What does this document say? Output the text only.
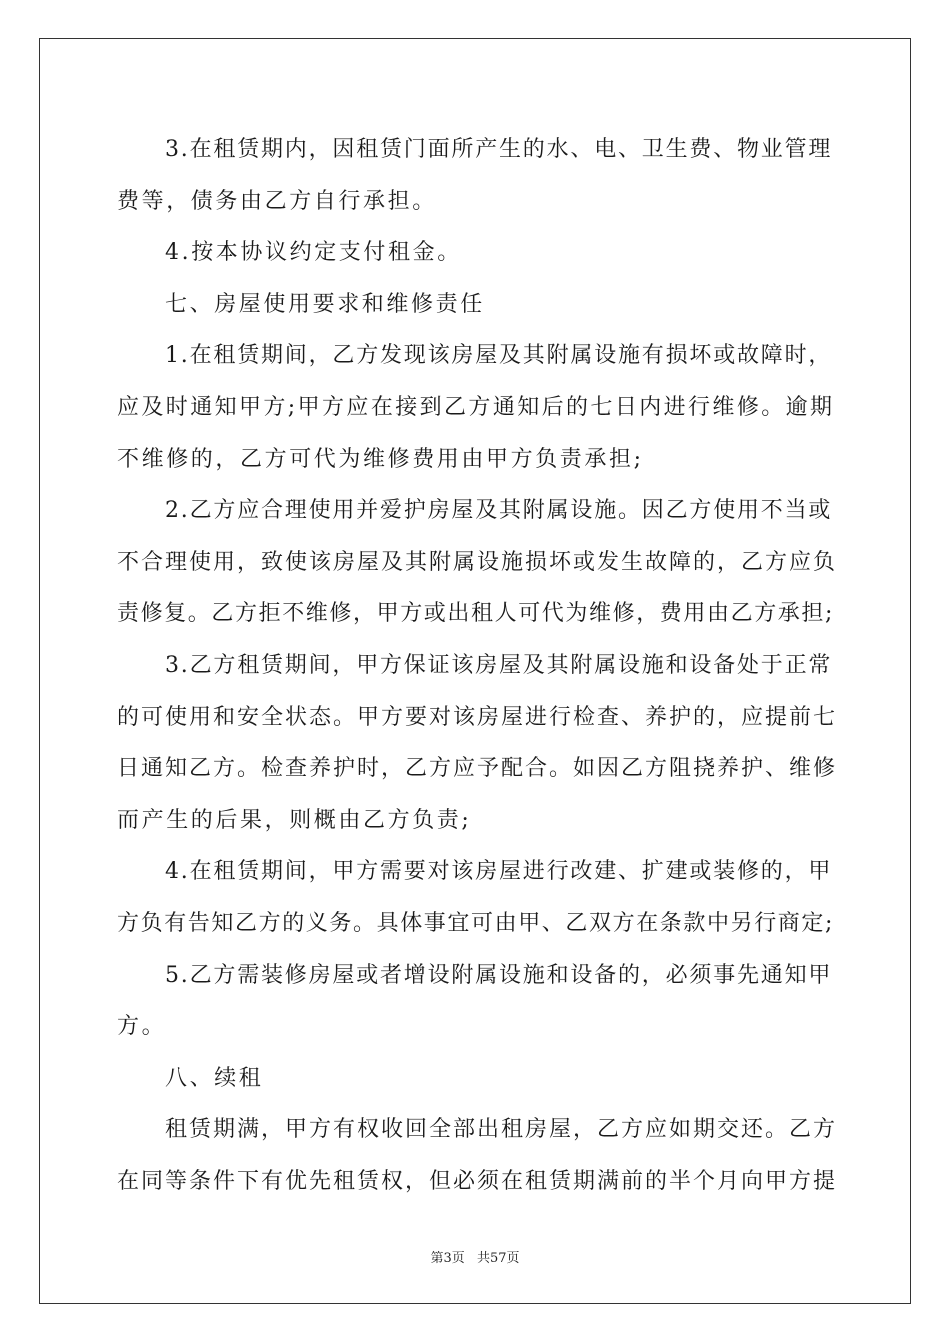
3.在租赁期内，因租赁门面所产生的水、电、卫生费、物业管理
费等，债务由乙方自行承担。
4.按本协议约定支付租金。
七、房屋使用要求和维修责任
1.在租赁期间，乙方发现该房屋及其附属设施有损坏或故障时，
应及时通知甲方;甲方应在接到乙方通知后的七日内进行维修。逾期
不维修的，乙方可代为维修费用由甲方负责承担;
2.乙方应合理使用并爱护房屋及其附属设施。因乙方使用不当或
不合理使用，致使该房屋及其附属设施损坏或发生故障的，乙方应负
责修复。乙方拒不维修，甲方或出租人可代为维修，费用由乙方承担;
3.乙方租赁期间，甲方保证该房屋及其附属设施和设备处于正常
的可使用和安全状态。甲方要对该房屋进行检查、养护的，应提前七
日通知乙方。检查养护时，乙方应予配合。如因乙方阻挠养护、维修
而产生的后果，则概由乙方负责;
4.在租赁期间，甲方需要对该房屋进行改建、扩建或装修的，甲
方负有告知乙方的义务。具体事宜可由甲、乙双方在条款中另行商定;
5.乙方需装修房屋或者增设附属设施和设备的，必须事先通知甲
方。
八、续租
租赁期满，甲方有权收回全部出租房屋，乙方应如期交还。乙方
在同等条件下有优先租赁权，但必须在租赁期满前的半个月向甲方提
第3页 共57页
